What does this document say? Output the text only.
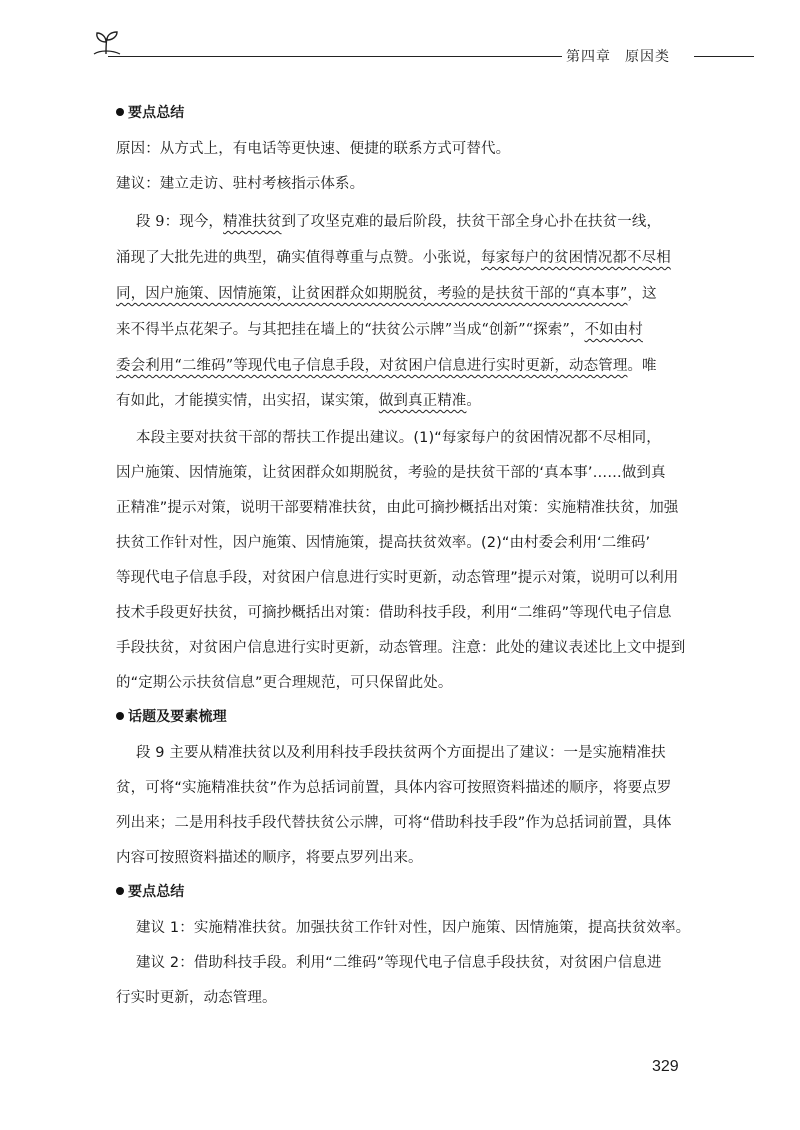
第四章 原因类
要点总结
原因：从方式上，有电话等更快速、便捷的联系方式可替代。
建议：建立走访、驻村考核指示体系。
段 9：现今，精准扶贫到了攻坚克难的最后阶段，扶贫干部全身心扑在扶贫一线，
涌现了大批先进的典型，确实值得尊重与点赞。小张说，每家每户的贫困情况都不尽相
同，因户施策、因情施策，让贫困群众如期脱贫，考验的是扶贫干部的“真本事”，这
来不得半点花架子。与其把挂在墙上的“扶贫公示牌”当成“创新”“探索”，不如由村
委会利用“二维码”等现代电子信息手段，对贫困户信息进行实时更新，动态管理。唯
有如此，才能摸实情，出实招，谋实策，做到真正精准。
本段主要对扶贫干部的帮扶工作提出建议。(1)“每家每户的贫困情况都不尽相同，
因户施策、因情施策，让贫困群众如期脱贫，考验的是扶贫干部的‘真本事’……做到真
正精准”提示对策，说明干部要精准扶贫，由此可摘抄概括出对策：实施精准扶贫，加强
扶贫工作针对性，因户施策、因情施策，提高扶贫效率。(2)“由村委会利用‘二维码’
等现代电子信息手段，对贫困户信息进行实时更新，动态管理”提示对策，说明可以利用
技术手段更好扶贫，可摘抄概括出对策：借助科技手段，利用“二维码”等现代电子信息
手段扶贫，对贫困户信息进行实时更新，动态管理。注意：此处的建议表述比上文中提到
的“定期公示扶贫信息”更合理规范，可只保留此处。
话题及要素梳理
段 9 主要从精准扶贫以及利用科技手段扶贫两个方面提出了建议：一是实施精准扶
贫，可将“实施精准扶贫”作为总括词前置，具体内容可按照资料描述的顺序，将要点罗
列出来；二是用科技手段代替扶贫公示牌，可将“借助科技手段”作为总括词前置，具体
内容可按照资料描述的顺序，将要点罗列出来。
要点总结
建议 1：实施精准扶贫。加强扶贫工作针对性，因户施策、因情施策，提高扶贫效率。
建议 2：借助科技手段。利用“二维码”等现代电子信息手段扶贫，对贫困户信息进
行实时更新，动态管理。
329
